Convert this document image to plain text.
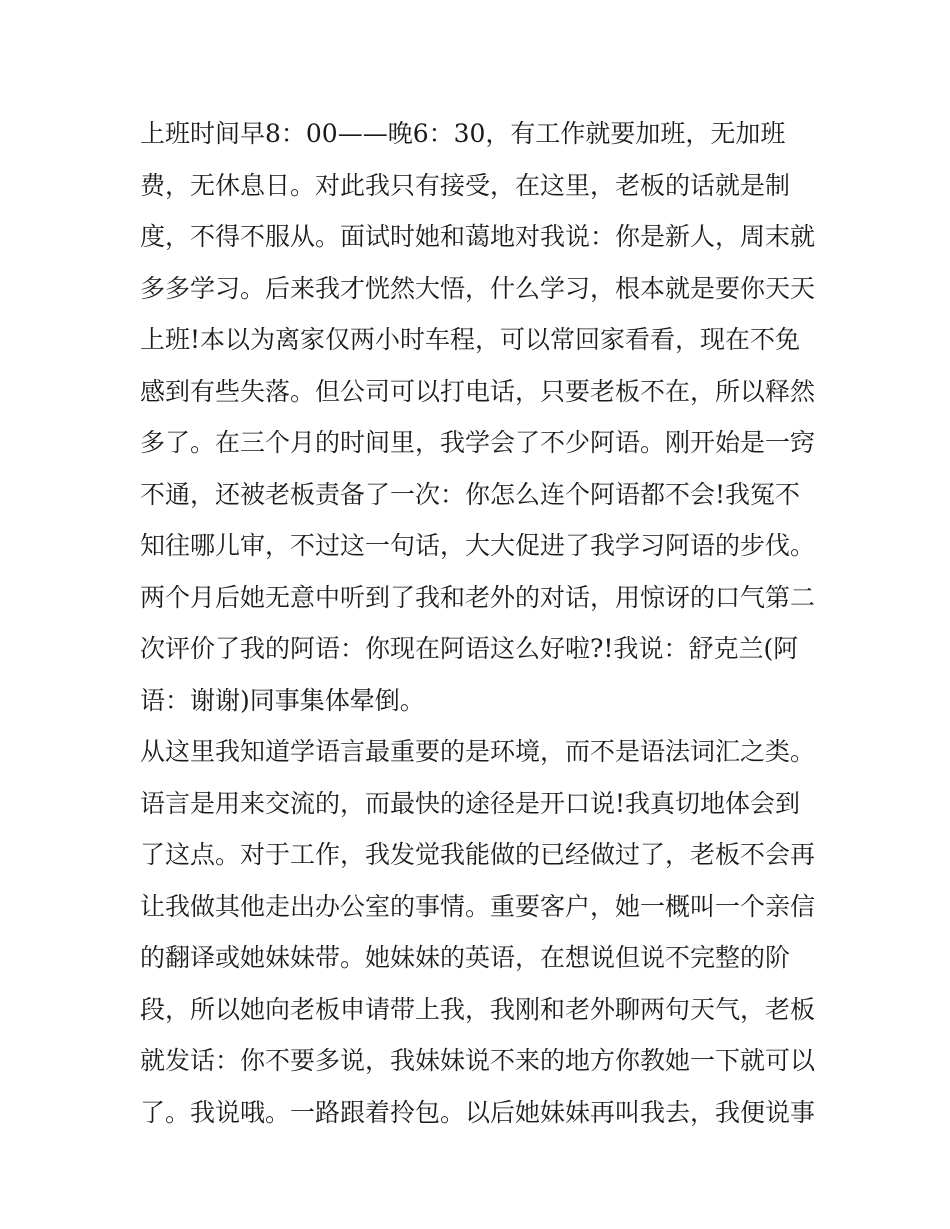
上班时间早8：00——晚6：30，有工作就要加班，无加班
费，无休息日。对此我只有接受，在这里，老板的话就是制
度，不得不服从。面试时她和蔼地对我说：你是新人，周末就
多多学习。后来我才恍然大悟，什么学习，根本就是要你天天
上班!本以为离家仅两小时车程，可以常回家看看，现在不免
感到有些失落。但公司可以打电话，只要老板不在，所以释然
多了。在三个月的时间里，我学会了不少阿语。刚开始是一窍
不通，还被老板责备了一次：你怎么连个阿语都不会!我冤不
知往哪儿审，不过这一句话，大大促进了我学习阿语的步伐。
两个月后她无意中听到了我和老外的对话，用惊讶的口气第二
次评价了我的阿语：你现在阿语这么好啦?!我说：舒克兰(阿
语：谢谢)同事集体晕倒。
从这里我知道学语言最重要的是环境，而不是语法词汇之类。
语言是用来交流的，而最快的途径是开口说!我真切地体会到
了这点。对于工作，我发觉我能做的已经做过了，老板不会再
让我做其他走出办公室的事情。重要客户，她一概叫一个亲信
的翻译或她妹妹带。她妹妹的英语，在想说但说不完整的阶
段，所以她向老板申请带上我，我刚和老外聊两句天气，老板
就发话：你不要多说，我妹妹说不来的地方你教她一下就可以
了。我说哦。一路跟着拎包。以后她妹妹再叫我去，我便说事
